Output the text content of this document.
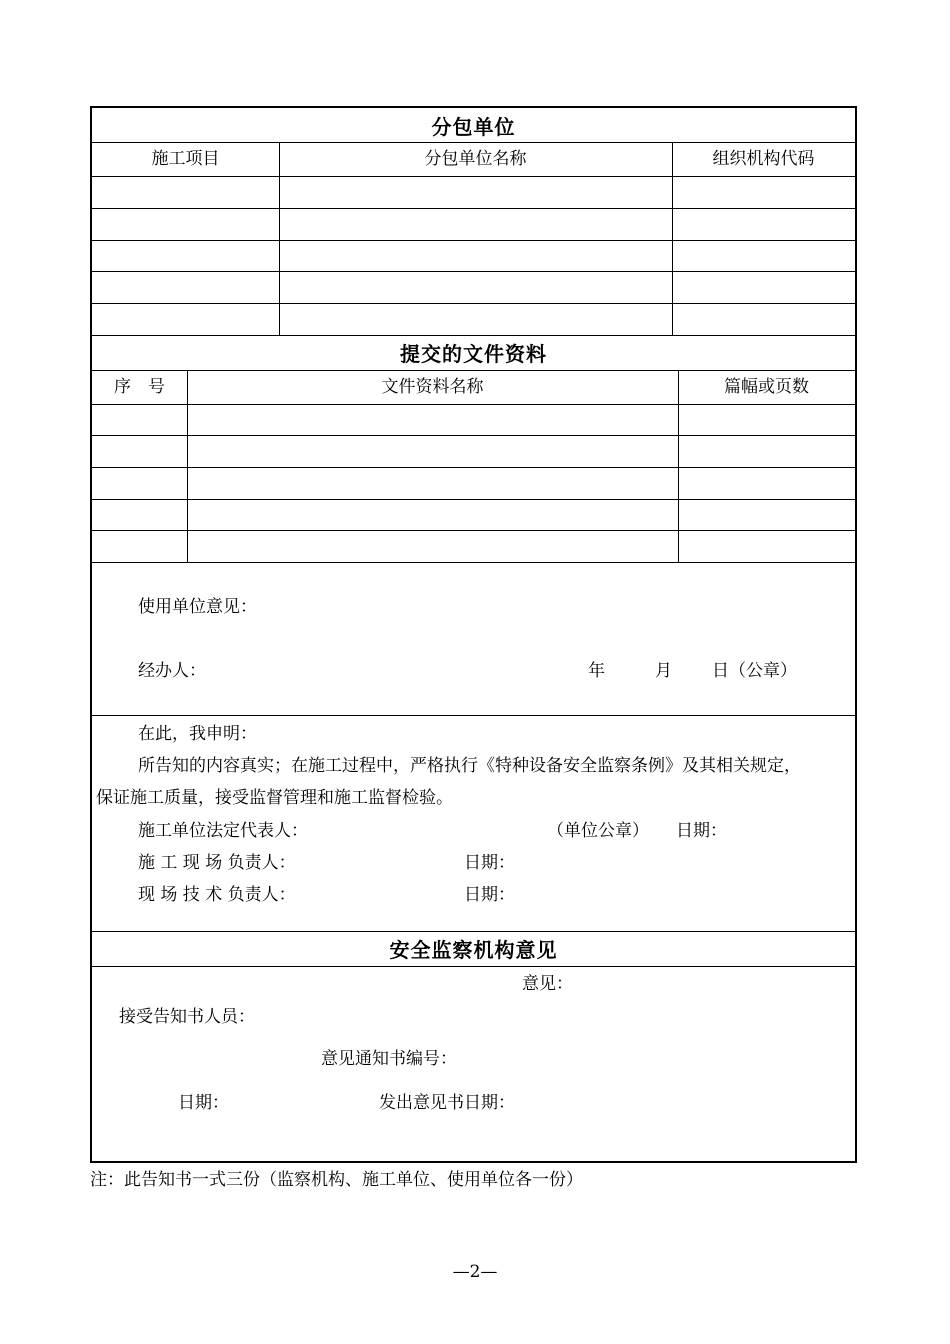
分包单位
施工项目	分包单位名称	组织机构代码
提交的文件资料
序　号	文件资料名称	篇幅或页数
使用单位意见：
经办人：	年	月 日（公章）
在此，我申明：
所告知的内容真实；在施工过程中，严格执行《特种设备安全监察条例》及其相关规定，
保证施工质量，接受监督管理和施工监督检验。
施工单位法定代表人：	（单位公章） 日期：
施 工 现 场 负责人：	日期：
现 场 技 术 负责人：	日期：
安全监察机构意见
意见：
接受告知书人员：
意见通知书编号：
日期：	发出意见书日期：
注：此告知书一式三份（监察机构、施工单位、使用单位各一份）
—2—
